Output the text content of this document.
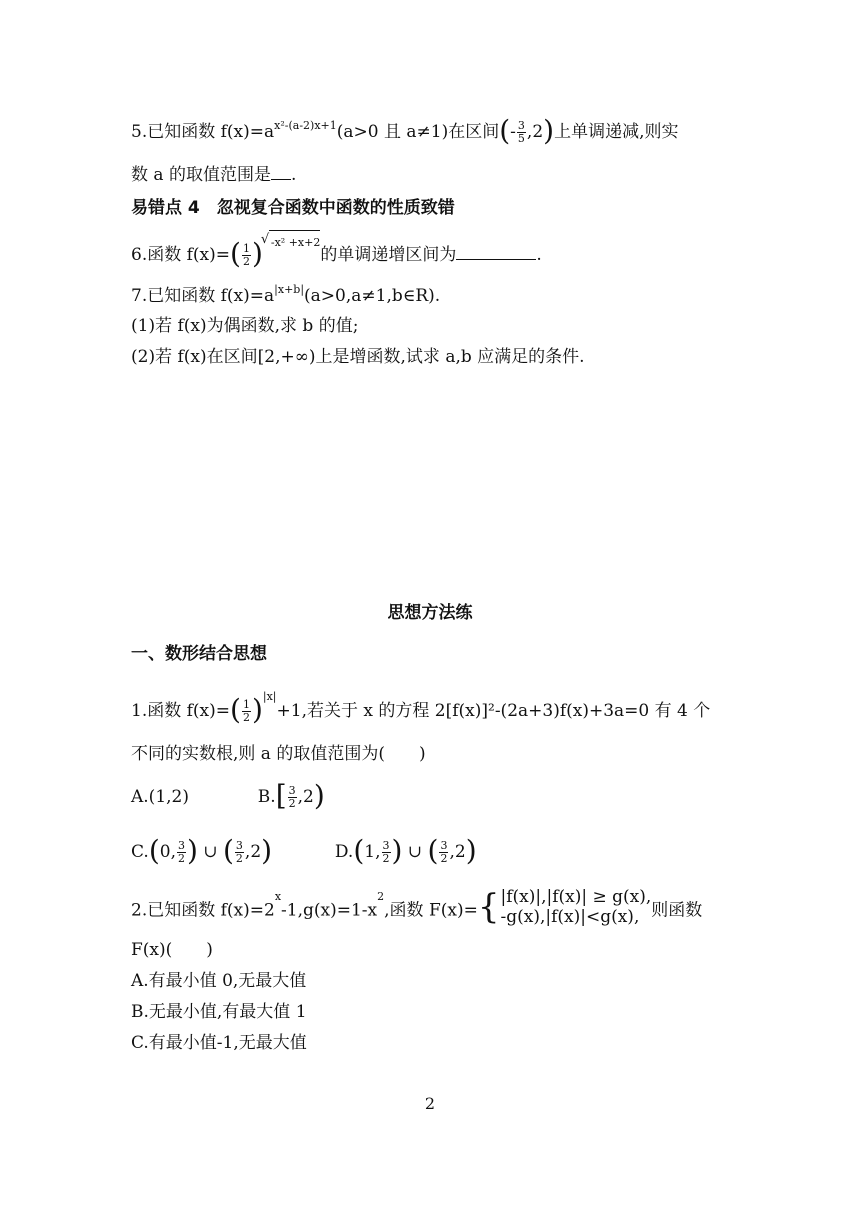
5.已知函数 $f(x)=a^{x^2-(a-2)x+1}(a>0$ 且 a≠1)在区间(- $\frac{3}{5} ,2$)上单调递减,则实
数 a 的取值范围是 .
易错点 4　忽视复合函数中函数的性质致错
6.函数 $f(x)=( \frac{1}{2}$ )√ -x² +x+2的单调递增区间为	.
7.已知函数 $f(x)=a^{|x+b|}(a>0,a\ne 1,b\in R)$.
(1)若 f(x)为偶函数,求 b 的值;
(2)若 f(x)在区间[2,+∞)上是增函数,试求 a,b 应满足的条件.
思想方法练
一、数形结合思想
1.函数 $f(x)=( \frac{1}{2} )^{|x|}+1$,若关于 x 的方程 2[f(x)]²-(2a+3)f(x)+3a=0 有 4 个
不同的实数根,则 a 的取值范围为(　　)
A.(1,2)	$B.[ \frac{3}{2} ,2)$
C.(0, $\frac{3}{2}$ ) ∪ ( $\frac{3}{2} ,2$)	D.(1, $\frac{3}{2}$ ) ∪ ( $\frac{3}{2} ,2$)
2.已知函数 $f(x)=2^x-1,g(x)=1-x^2$,函数 F(x)={ |f(x)|,|f(x)| ≥ g(x),
-g(x),|f(x)|<g(x), 则函数
F(x)(　　)
A.有最小值 0,无最大值
B.无最小值,有最大值 1
C.有最小值-1,无最大值
2
